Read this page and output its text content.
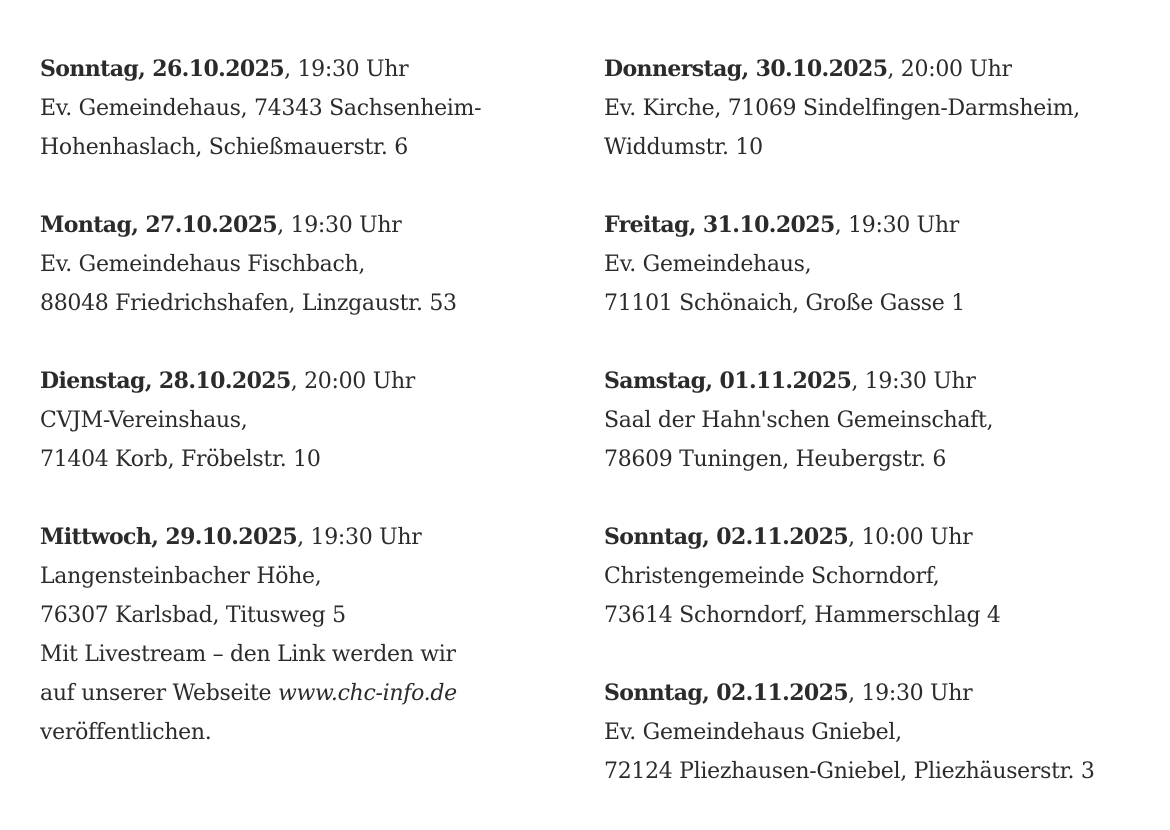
Sonntag, 26.10.2025, 19:30 Uhr
Ev. Gemeindehaus, 74343 Sachsenheim-
Hohenhaslach, Schießmauerstr. 6
Montag, 27.10.2025, 19:30 Uhr
Ev. Gemeindehaus Fischbach,
88048 Friedrichshafen, Linzgaustr. 53
Dienstag, 28.10.2025, 20:00 Uhr
CVJM-Vereinshaus,
71404 Korb, Fröbelstr. 10
Mittwoch, 29.10.2025, 19:30 Uhr
Langensteinbacher Höhe,
76307 Karlsbad, Titusweg 5
Mit Livestream – den Link werden wir
auf unserer Webseite www.chc-info.de
veröffentlichen.
Donnerstag, 30.10.2025, 20:00 Uhr
Ev. Kirche, 71069 Sindelfingen-Darmsheim,
Widdumstr. 10
Freitag, 31.10.2025, 19:30 Uhr
Ev. Gemeindehaus,
71101 Schönaich, Große Gasse 1
Samstag, 01.11.2025, 19:30 Uhr
Saal der Hahn'schen Gemeinschaft,
78609 Tuningen, Heubergstr. 6
Sonntag, 02.11.2025, 10:00 Uhr
Christengemeinde Schorndorf,
73614 Schorndorf, Hammerschlag 4
Sonntag, 02.11.2025, 19:30 Uhr
Ev. Gemeindehaus Gniebel,
72124 Pliezhausen-Gniebel, Pliezhäuserstr. 3
